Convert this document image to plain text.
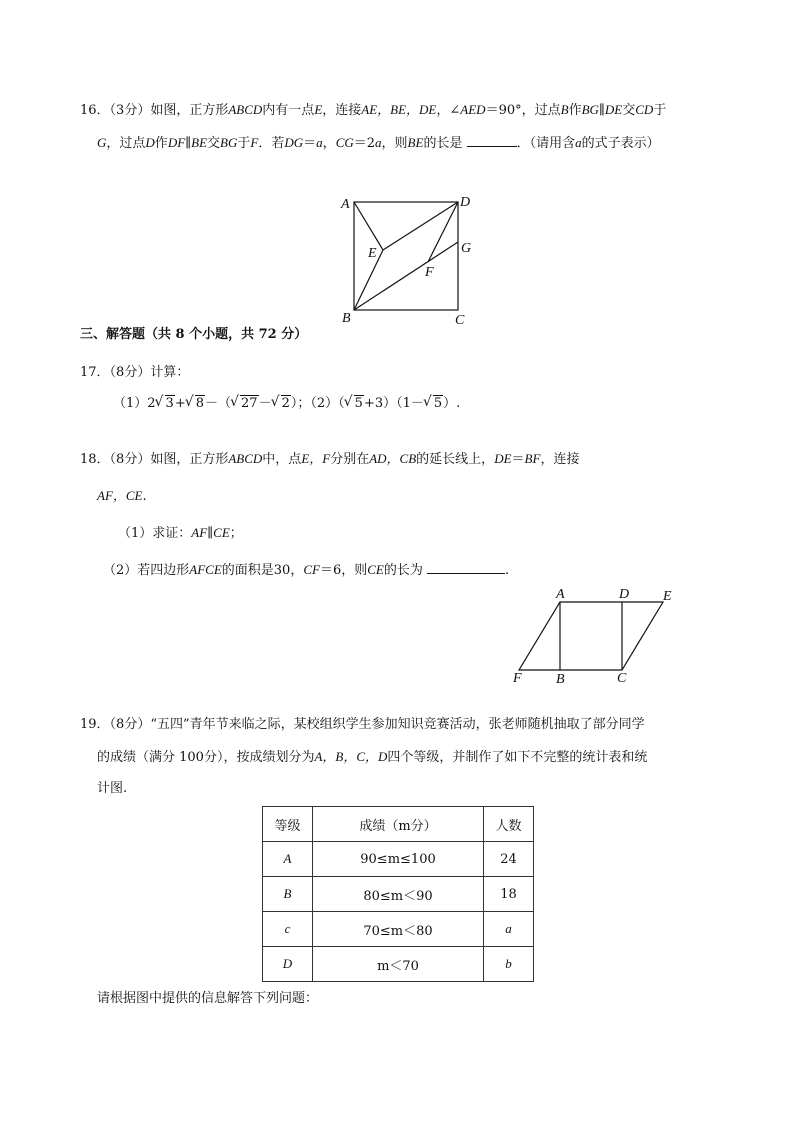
16．（3分）如图，正方形ABCD内有一点E，连接AE，BE，DE，∠AED＝90°，过点B作BG∥DE交CD于
G，过点D作DF∥BE交BG于F．若DG＝a，CG＝2a，则BE的长是	．（请用含a的式子表示）
A	D
E	G
F
B	C
三、解答题（共 8 个小题，共 72 分）
17．（8分）计算：
（1）2 √ 3+ √ 8－（ √ 27－ √ 2）；（2）（ √ 5+3）（1－ √ 5）.
18．（8分）如图，正方形ABCD中，点E，F分别在AD，CB的延长线上，DE＝BF，连接
AF，CE.
（1）求证：AF∥CE；
（2）若四边形AFCE的面积是30，CF＝6，则CE的长为	.
A	D E
F B	C
19．（8分）“五四”青年节来临之际，某校组织学生参加知识竞赛活动，张老师随机抽取了部分同学
的成绩（满分 100分），按成绩划分为A，B，C，D四个等级，并制作了如下不完整的统计表和统
计图.
等级	成绩（m分）	人数
A	90≤m≤100	24
B	80≤m＜90	18
c	70≤m＜80	a
D	m＜70	b
请根据图中提供的信息解答下列问题：
